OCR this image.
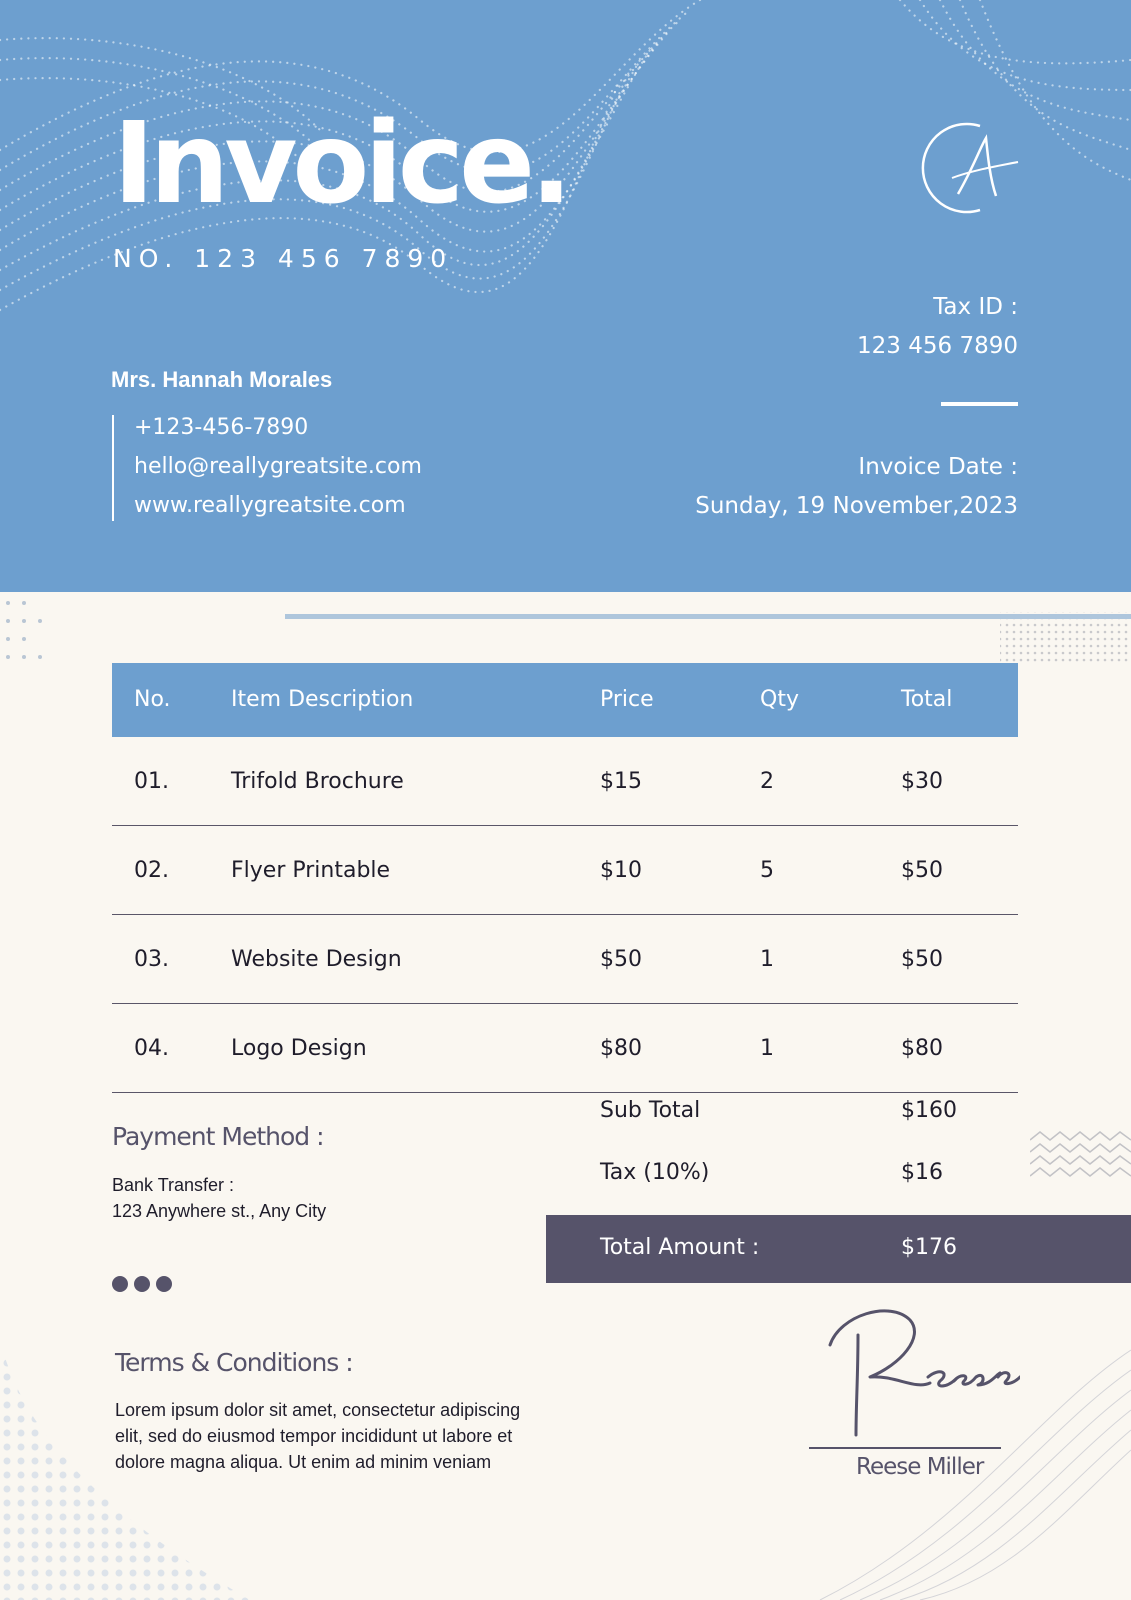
Invoice.
NO. 123 456 7890
Tax ID :
123 456 7890
Invoice Date :
Sunday, 19 November,2023
Mrs. Hannah Morales
+123-456-7890
hello@reallygreatsite.com
www.reallygreatsite.com
No.	Item Description	Price	Qty	Total
01.	Trifold Brochure	$15	2	$30
02.	Flyer Printable	$10	5	$50
03.	Website Design	$50	1	$50
04.	Logo Design	$80	1	$80
Sub Total	$160
Tax (10%)	$16
Total Amount :	$176
Payment Method :
Bank Transfer :
123 Anywhere st., Any City
Terms & Conditions :
Lorem ipsum dolor sit amet, consectetur adipiscing elit, sed do eiusmod tempor incididunt ut labore et dolore magna aliqua. Ut enim ad minim veniam	Reese Miller
